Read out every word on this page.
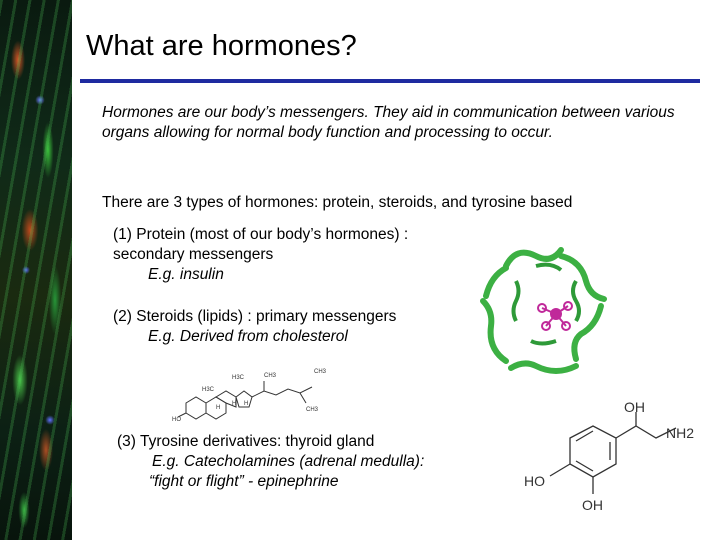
What are hormones?

Hormones are our body’s messengers. They aid in communication between various organs allowing for normal body function and processing to occur.

There are 3 types of hormones: protein, steroids, and tyrosine based

(1) Protein (most of our body’s hormones) :
secondary messengers
E.g. insulin
(2) Steroids (lipids) : primary messengers
E.g. Derived from cholesterol
(3) Tyrosine derivatives: thyroid gland
E.g. Catecholamines (adrenal medulla):
“fight or flight” - epinephrine
H3C
H3C
CH3
CH3
CH3
HO
H
H H	OH
NH2
HO
OH
